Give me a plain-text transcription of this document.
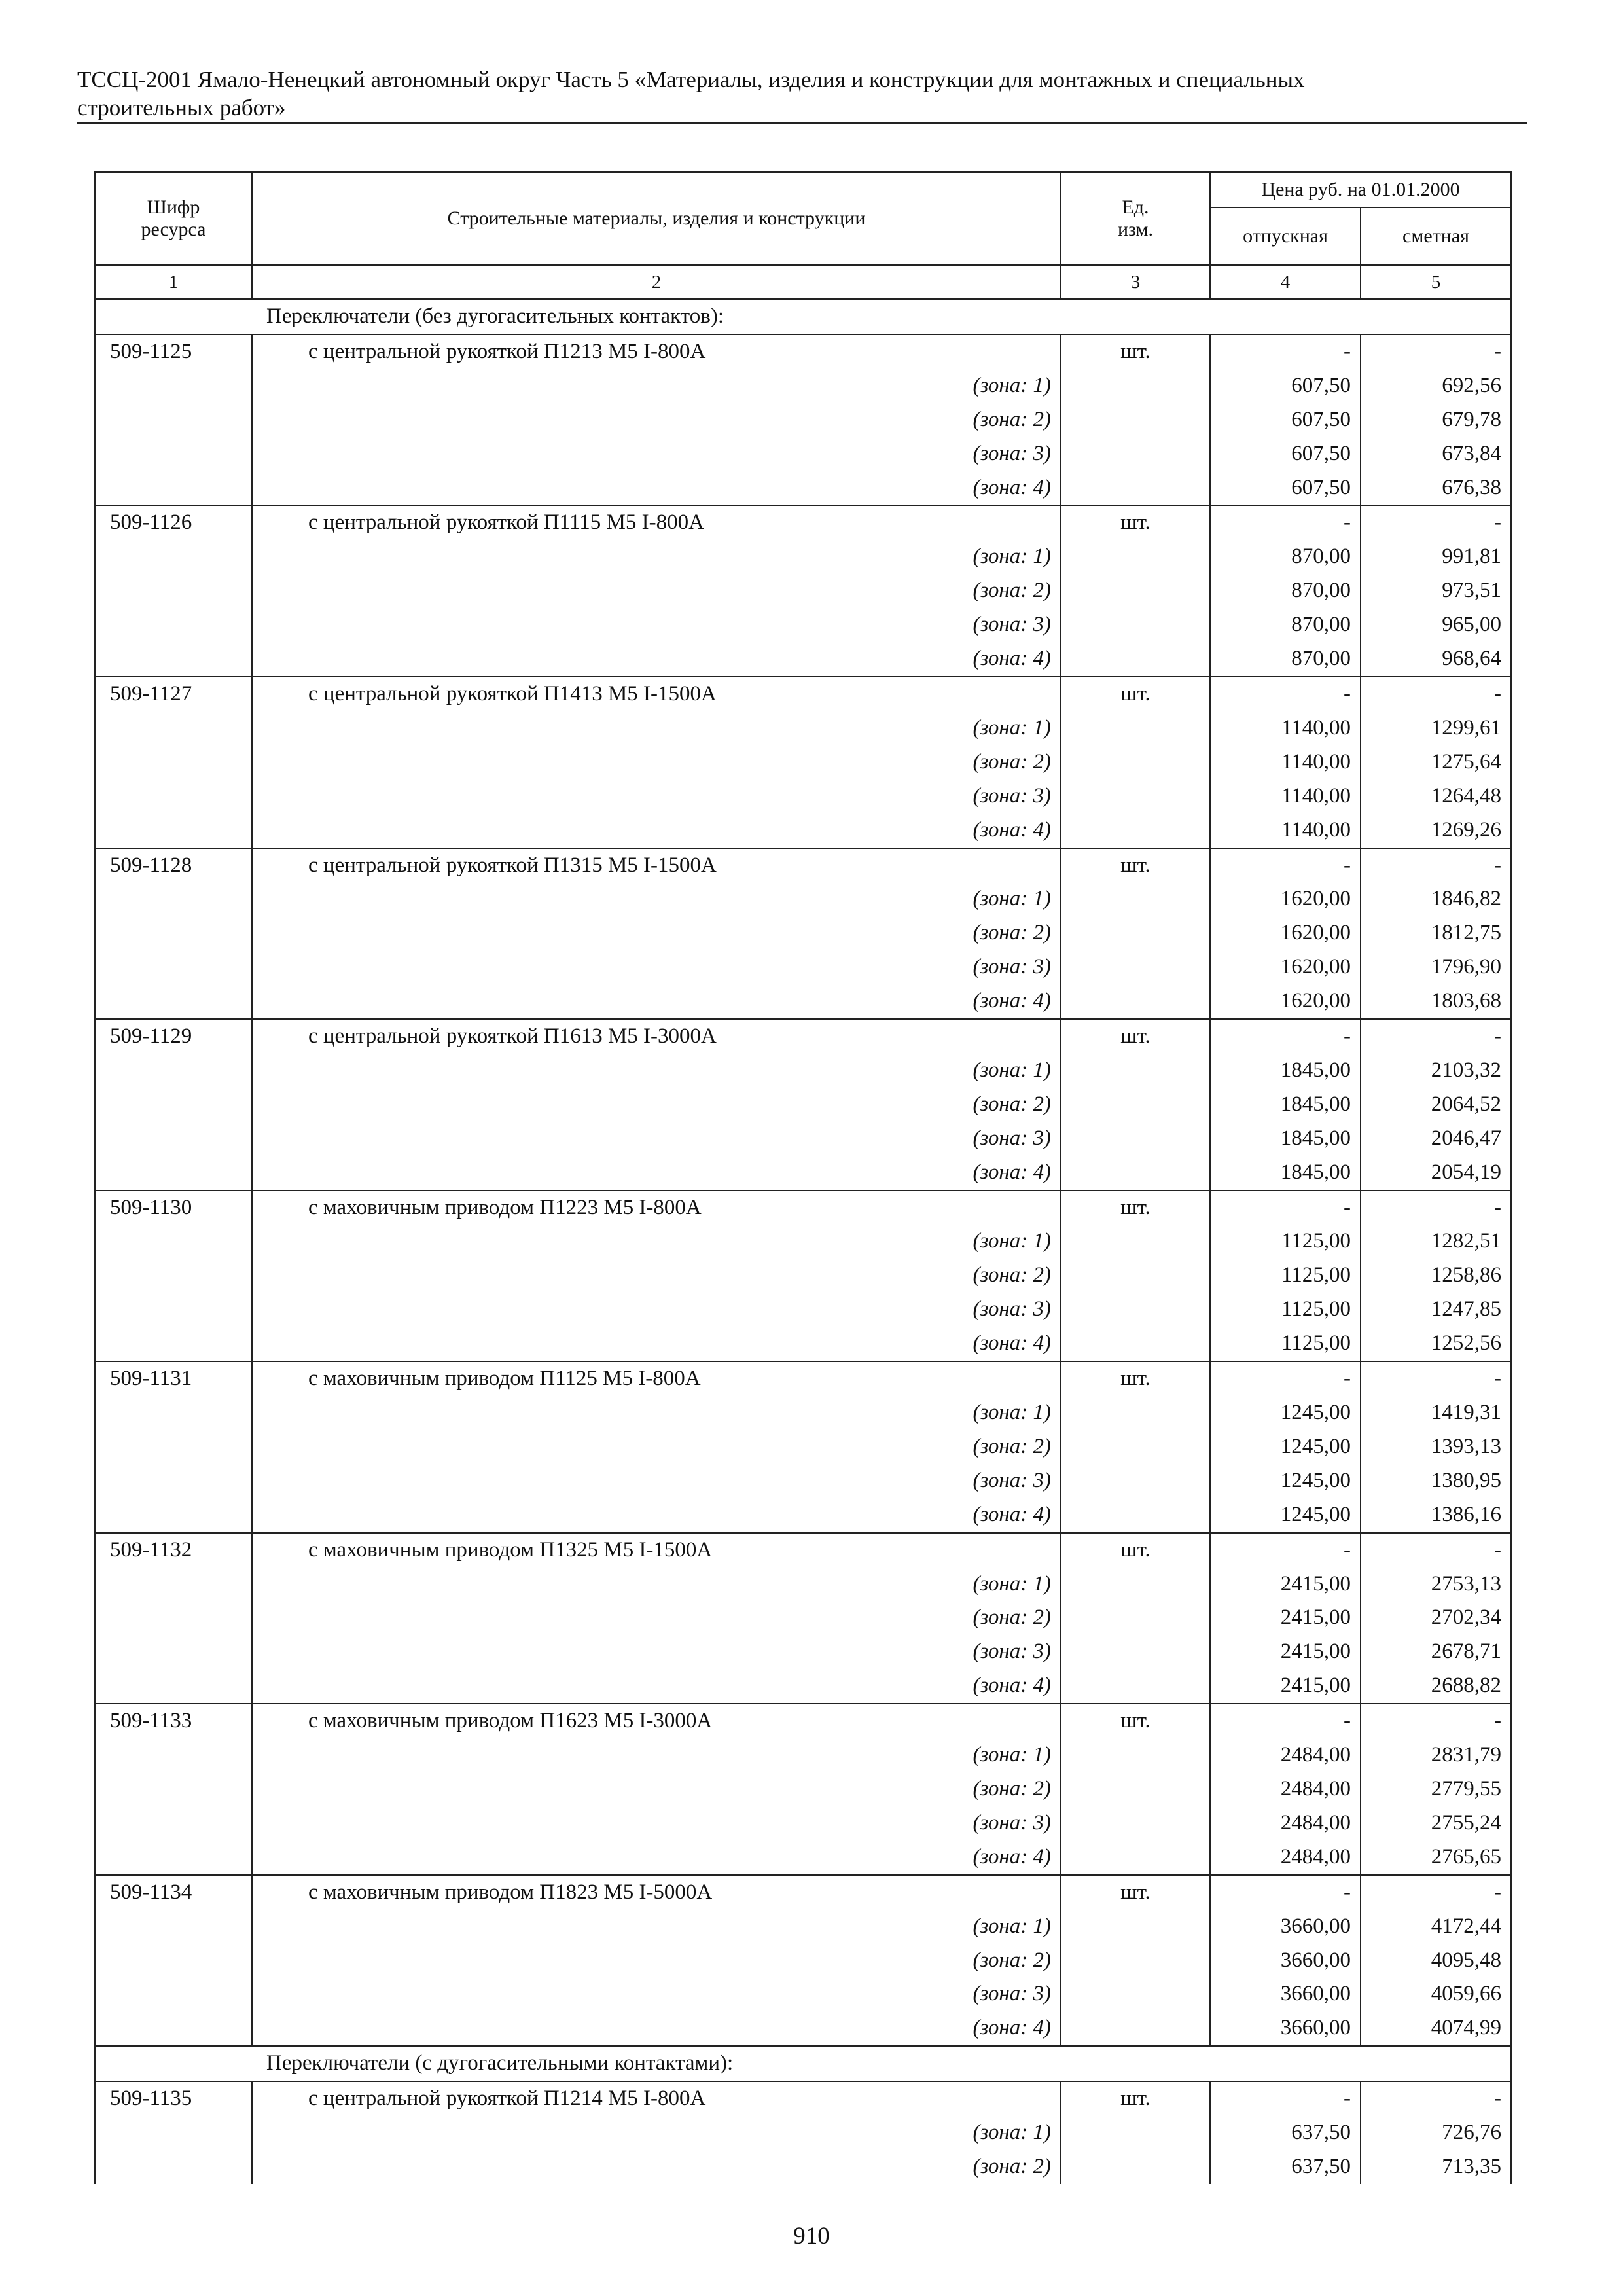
ТССЦ-2001 Ямало-Ненецкий автономный округ Часть 5 «Материалы, изделия и конструкции для монтажных и специальных
строительных работ»
Шифр ресурса	Строительные материалы, изделия и конструкции	Ед. изм.	Цена руб. на 01.01.2000	
			отпускная	сметная
1	2	3	4	5
	Переключатели (без дугогасительных контактов):			
509-1125	с центральной рукояткой П1213 М5 I-800А	шт.	-	-
	(зона: 1)		607,50	692,56
	(зона: 2)		607,50	679,78
	(зона: 3)		607,50	673,84
	(зона: 4)		607,50	676,38
509-1126	с центральной рукояткой П1115 М5 I-800А	шт.	-	-
	(зона: 1)		870,00	991,81
	(зона: 2)		870,00	973,51
	(зона: 3)		870,00	965,00
	(зона: 4)		870,00	968,64
509-1127	с центральной рукояткой П1413 М5 I-1500А	шт.	-	-
	(зона: 1)		1140,00	1299,61
	(зона: 2)		1140,00	1275,64
	(зона: 3)		1140,00	1264,48
	(зона: 4)		1140,00	1269,26
509-1128	с центральной рукояткой П1315 М5 I-1500А	шт.	-	-
	(зона: 1)		1620,00	1846,82
	(зона: 2)		1620,00	1812,75
	(зона: 3)		1620,00	1796,90
	(зона: 4)		1620,00	1803,68
509-1129	с центральной рукояткой П1613 М5 I-3000А	шт.	-	-
	(зона: 1)		1845,00	2103,32
	(зона: 2)		1845,00	2064,52
	(зона: 3)		1845,00	2046,47
	(зона: 4)		1845,00	2054,19
509-1130	с маховичным приводом П1223 М5 I-800А	шт.	-	-
	(зона: 1)		1125,00	1282,51
	(зона: 2)		1125,00	1258,86
	(зона: 3)		1125,00	1247,85
	(зона: 4)		1125,00	1252,56
509-1131	с маховичным приводом П1125 М5 I-800А	шт.	-	-
	(зона: 1)		1245,00	1419,31
	(зона: 2)		1245,00	1393,13
	(зона: 3)		1245,00	1380,95
	(зона: 4)		1245,00	1386,16
509-1132	с маховичным приводом П1325 М5 I-1500А	шт.	-	-
	(зона: 1)		2415,00	2753,13
	(зона: 2)		2415,00	2702,34
	(зона: 3)		2415,00	2678,71
	(зона: 4)		2415,00	2688,82
509-1133	с маховичным приводом П1623 М5 I-3000А	шт.	-	-
	(зона: 1)		2484,00	2831,79
	(зона: 2)		2484,00	2779,55
	(зона: 3)		2484,00	2755,24
	(зона: 4)		2484,00	2765,65
509-1134	с маховичным приводом П1823 М5 I-5000А	шт.	-	-
	(зона: 1)		3660,00	4172,44
	(зона: 2)		3660,00	4095,48
	(зона: 3)		3660,00	4059,66
	(зона: 4)		3660,00	4074,99
	Переключатели (с дугогасительными контактами):			
509-1135	с центральной рукояткой П1214 М5 I-800А	шт.	-	-
	(зона: 1)		637,50	726,76
	(зона: 2)		637,50	713,35
910
